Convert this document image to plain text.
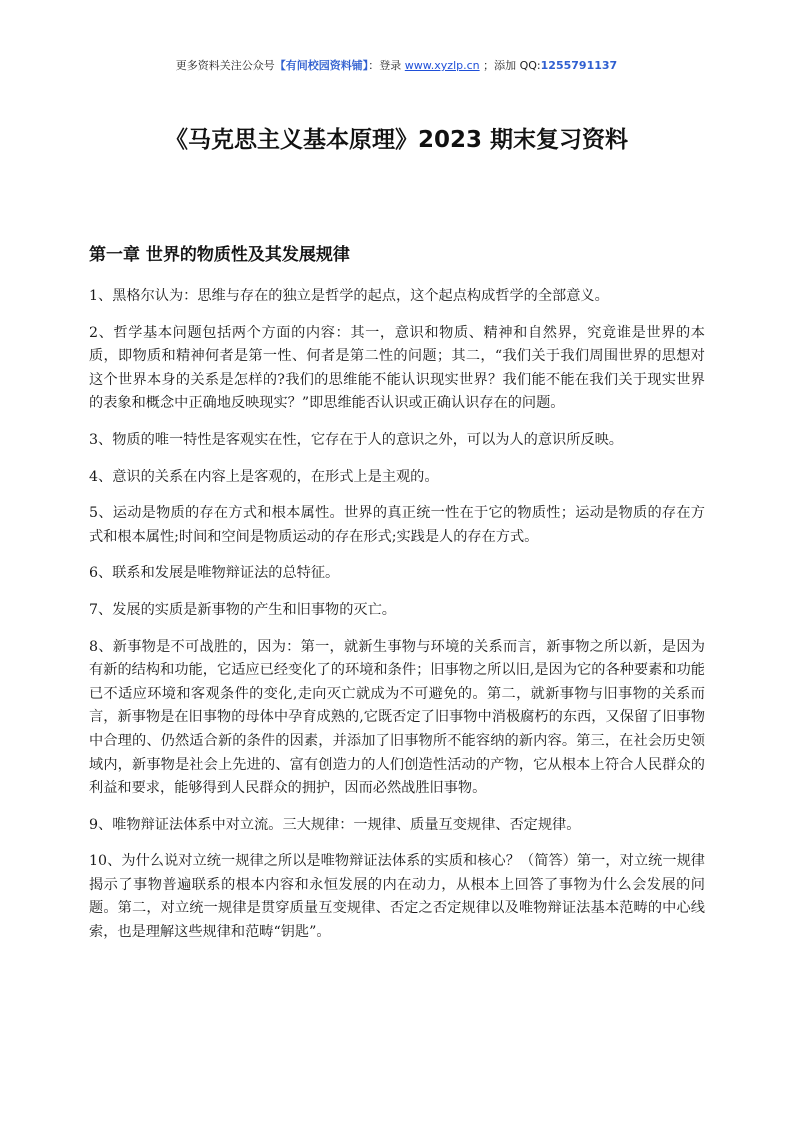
更多资料关注公众号【有间校园资料铺】：登录 www.xyzlp.cn ；添加 QQ:1255791137
《马克思主义基本原理》2023 期末复习资料
第一章 世界的物质性及其发展规律

1、黑格尔认为：思维与存在的独立是哲学的起点，这个起点构成哲学的全部意义。

2、哲学基本问题包括两个方面的内容：其一，意识和物质、精神和自然界，究竟谁是世界的本质，即物质和精神何者是第一性、何者是第二性的问题；其二，“我们关于我们周围世界的思想对这个世界本身的关系是怎样的?我们的思维能不能认识现实世界？我们能不能在我们关于现实世界的表象和概念中正确地反映现实？”即思维能否认识或正确认识存在的问题。

3、物质的唯一特性是客观实在性，它存在于人的意识之外，可以为人的意识所反映。

4、意识的关系在内容上是客观的，在形式上是主观的。

5、运动是物质的存在方式和根本属性。世界的真正统一性在于它的物质性；运动是物质的存在方式和根本属性;时间和空间是物质运动的存在形式;实践是人的存在方式。

6、联系和发展是唯物辩证法的总特征。

7、发展的实质是新事物的产生和旧事物的灭亡。

8、新事物是不可战胜的，因为：第一，就新生事物与环境的关系而言，新事物之所以新，是因为有新的结构和功能，它适应已经变化了的环境和条件；旧事物之所以旧,是因为它的各种要素和功能已不适应环境和客观条件的变化,走向灭亡就成为不可避免的。第二，就新事物与旧事物的关系而言，新事物是在旧事物的母体中孕育成熟的,它既否定了旧事物中消极腐朽的东西，又保留了旧事物中合理的、仍然适合新的条件的因素，并添加了旧事物所不能容纳的新内容。第三，在社会历史领域内，新事物是社会上先进的、富有创造力的人们创造性活动的产物，它从根本上符合人民群众的利益和要求，能够得到人民群众的拥护，因而必然战胜旧事物。

9、唯物辩证法体系中对立流。三大规律：一规律、质量互变规律、否定规律。

10、为什么说对立统一规律之所以是唯物辩证法体系的实质和核心？（简答）第一，对立统一规律揭示了事物普遍联系的根本内容和永恒发展的内在动力，从根本上回答了事物为什么会发展的问题。第二，对立统一规律是贯穿质量互变规律、否定之否定规律以及唯物辩证法基本范畴的中心线索，也是理解这些规律和范畴“钥匙”。
